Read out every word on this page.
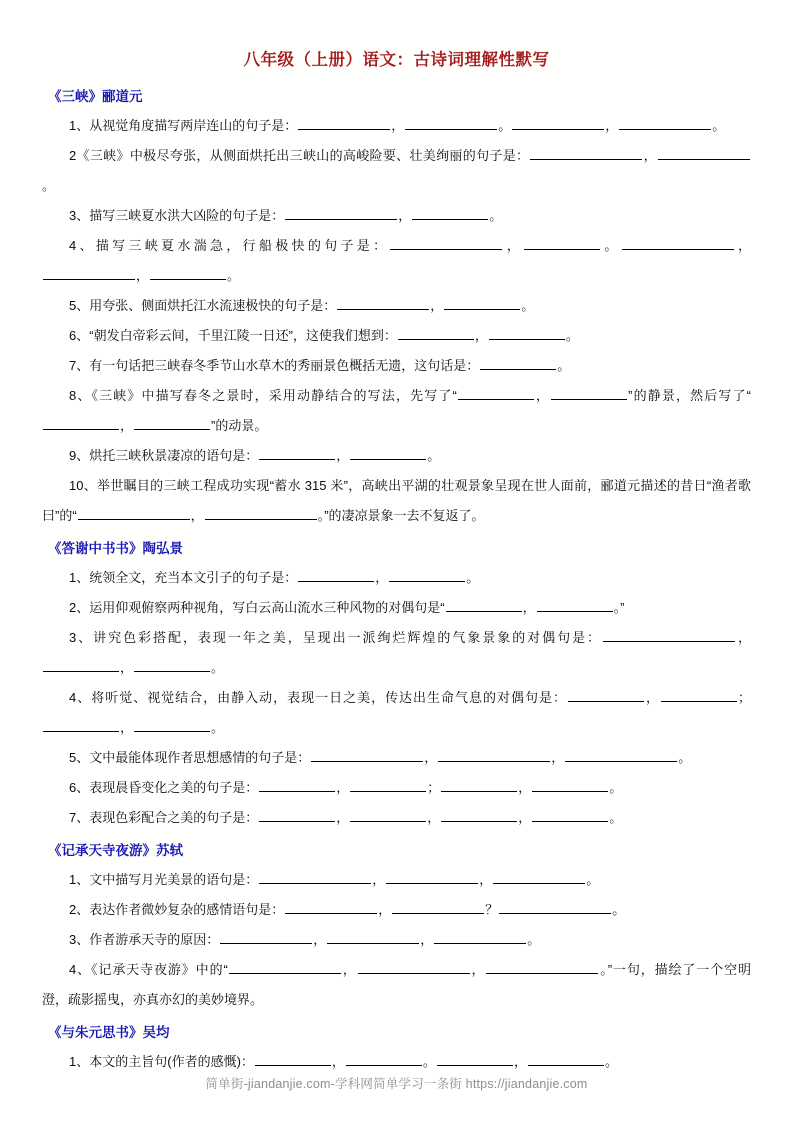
八年级（上册）语文：古诗词理解性默写
《三峡》郦道元

1、从视觉角度描写两岸连山的句子是：	，	。	，	。

2《三峡》中极尽夸张，从侧面烘托出三峡山的高峻险要、壮美绚丽的句子是：	，。

3、描写三峡夏水洪大凶险的句子是：	，	。

4、描写三峡夏水湍急，行船极快的句子是：	，	。	，，	。

5、用夸张、侧面烘托江水流速极快的句子是：	，	。

6、“朝发白帝彩云间，千里江陵一日还”，这使我们想到：	，	。

7、有一句话把三峡春冬季节山水草木的秀丽景色概括无遗，这句话是：	。

8、《三峡》中描写春冬之景时，采用动静结合的写法，先写了“	，	”的静景，然后写了“，	”的动景。

9、烘托三峡秋景凄凉的语句是：	，	。

10、举世瞩目的三峡工程成功实现“蓄水 315 米”，高峡出平湖的壮观景象呈现在世人面前，郦道元描述的昔日“渔者歌曰”的“	，	。”的凄凉景象一去不复返了。

《答谢中书书》陶弘景

1、统领全文，充当本文引子的句子是：	，	。

2、运用仰观俯察两种视角，写白云高山流水三种风物的对偶句是“	，	。”

3、讲究色彩搭配，表现一年之美，呈现出一派绚烂辉煌的气象景象的对偶句是：	，，	。

4、将听觉、视觉结合，由静入动，表现一日之美，传达出生命气息的对偶句是：	，	；，	。

5、文中最能体现作者思想感情的句子是：	，	，	。

6、表现晨昏变化之美的句子是：	，	；	，	。

7、表现色彩配合之美的句子是：	，	，	，	。

《记承天寺夜游》苏轼

1、文中描写月光美景的语句是：	，	，	。

2、表达作者微妙复杂的感情语句是：	，	？	。

3、作者游承天寺的原因：	，	，	。

4、《记承天寺夜游》中的“	，	，	。”一句，描绘了一个空明澄，疏影摇曳，亦真亦幻的美妙境界。

《与朱元思书》吴均

1、本文的主旨句(作者的感慨)：	，	。	，	。

简单街-jiandanjie.com-学科网简单学习一条街 https://jiandanjie.com
